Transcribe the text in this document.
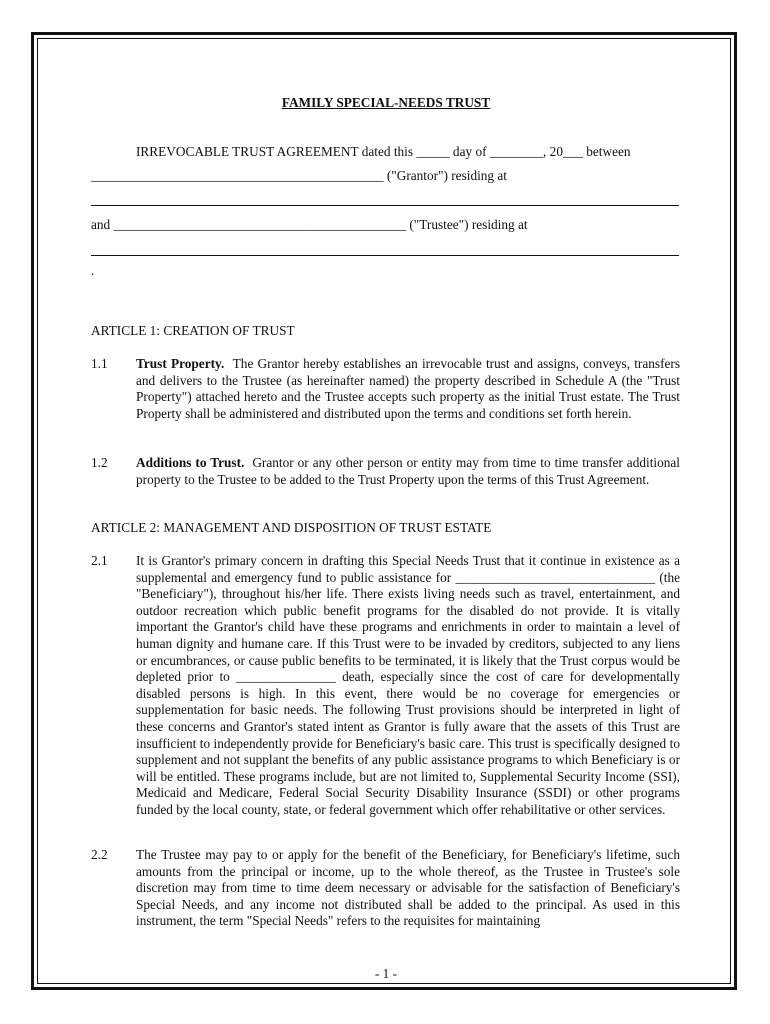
FAMILY SPECIAL-NEEDS TRUST
IRREVOCABLE TRUST AGREEMENT dated this _____ day of ________, 20___ between
____________________________________________ ("Grantor") residing at
and ____________________________________________ ("Trustee") residing at
.
ARTICLE 1: CREATION OF TRUST
1.1 Trust Property. The Grantor hereby establishes an irrevocable trust and assigns, conveys, transfers and delivers to the Trustee (as hereinafter named) the property described in Schedule A (the "Trust Property") attached hereto and the Trustee accepts such property as the initial Trust estate. The Trust Property shall be administered and distributed upon the terms and conditions set forth herein.
1.2 Additions to Trust. Grantor or any other person or entity may from time to time transfer additional property to the Trustee to be added to the Trust Property upon the terms of this Trust Agreement.
ARTICLE 2: MANAGEMENT AND DISPOSITION OF TRUST ESTATE
2.1 It is Grantor's primary concern in drafting this Special Needs Trust that it continue in existence as a supplemental and emergency fund to public assistance for ______________________________ (the "Beneficiary"), throughout his/her life. There exists living needs such as travel, entertainment, and outdoor recreation which public benefit programs for the disabled do not provide. It is vitally important the Grantor's child have these programs and enrichments in order to maintain a level of human dignity and humane care. If this Trust were to be invaded by creditors, subjected to any liens or encumbrances, or cause public benefits to be terminated, it is likely that the Trust corpus would be depleted prior to _______________ death, especially since the cost of care for developmentally disabled persons is high. In this event, there would be no coverage for emergencies or supplementation for basic needs. The following Trust provisions should be interpreted in light of these concerns and Grantor's stated intent as Grantor is fully aware that the assets of this Trust are insufficient to independently provide for Beneficiary's basic care. This trust is specifically designed to supplement and not supplant the benefits of any public assistance programs to which Beneficiary is or will be entitled. These programs include, but are not limited to, Supplemental Security Income (SSI), Medicaid and Medicare, Federal Social Security Disability Insurance (SSDI) or other programs funded by the local county, state, or federal government which offer rehabilitative or other services.
2.2 The Trustee may pay to or apply for the benefit of the Beneficiary, for Beneficiary's lifetime, such amounts from the principal or income, up to the whole thereof, as the Trustee in Trustee's sole discretion may from time to time deem necessary or advisable for the satisfaction of Beneficiary's Special Needs, and any income not distributed shall be added to the principal. As used in this instrument, the term "Special Needs" refers to the requisites for maintaining
- 1 -
